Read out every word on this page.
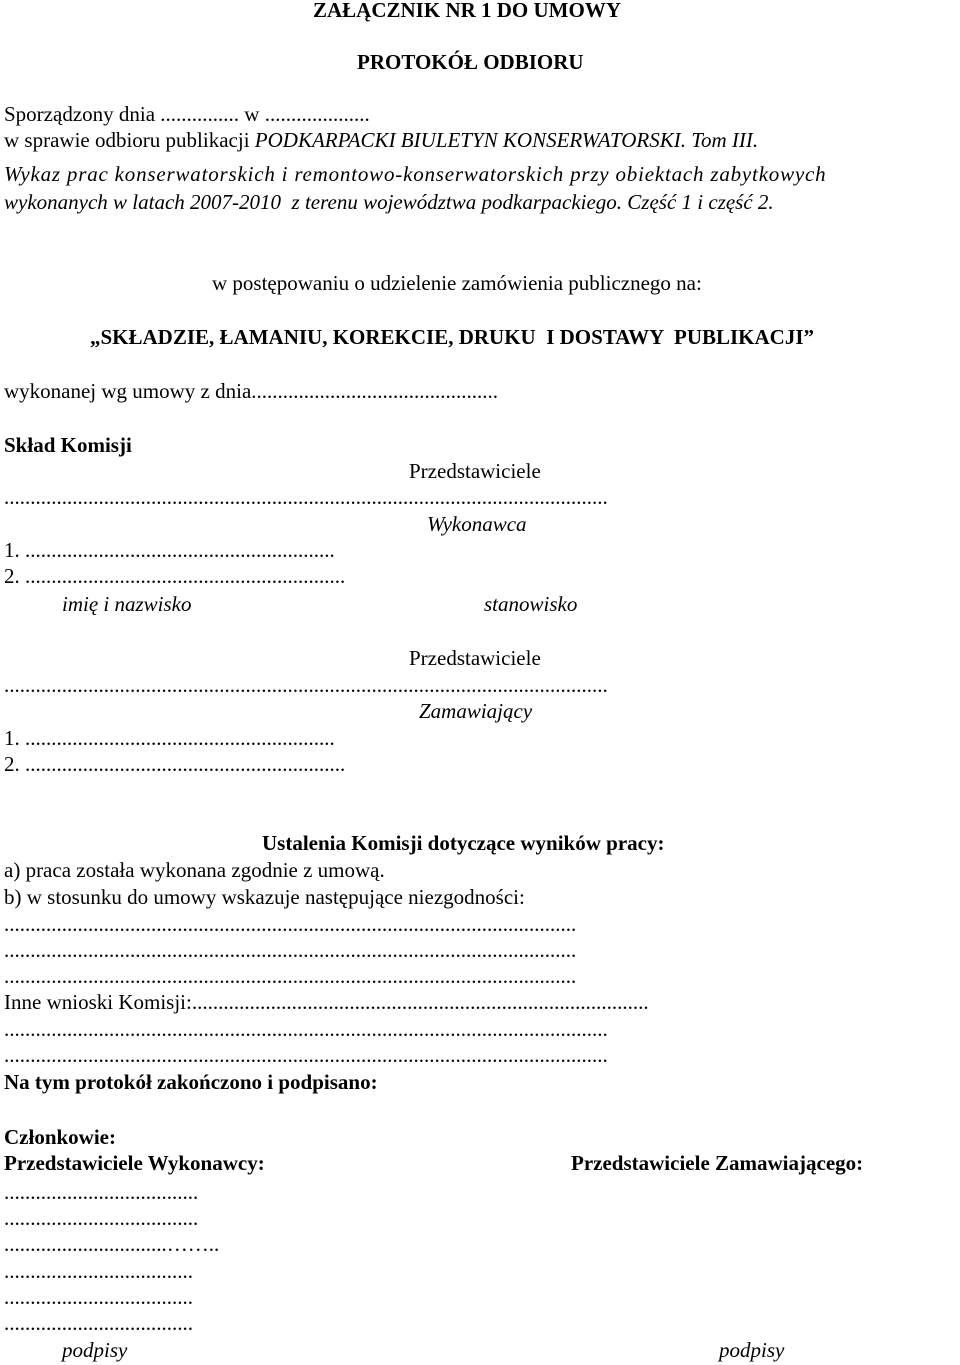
ZAŁĄCZNIK NR 1 DO UMOWY
PROTOKÓŁ ODBIORU
Sporządzony dnia ............... w ....................
w sprawie odbioru publikacji PODKARPACKI BIULETYN KONSERWATORSKI. Tom III.
Wykaz prac konserwatorskich i remontowo-konserwatorskich przy obiektach zabytkowych
wykonanych w latach 2007-2010  z terenu województwa podkarpackiego. Część 1 i część 2.
w postępowaniu o udzielenie zamówienia publicznego na:
„SKŁADZIE, ŁAMANIU, KOREKCIE, DRUKU  I DOSTAWY  PUBLIKACJI”
wykonanej wg umowy z dnia...............................................
Skład Komisji
Przedstawiciele
...................................................................................................................
Wykonawca
1. ...........................................................
2. .............................................................
imię i nazwisko	stanowisko
Przedstawiciele
...................................................................................................................
Zamawiający
1. ...........................................................
2. .............................................................
Ustalenia Komisji dotyczące wyników pracy:
a) praca została wykonana zgodnie z umową.
b) w stosunku do umowy wskazuje następujące niezgodności:
.............................................................................................................
.............................................................................................................
.............................................................................................................
Inne wnioski Komisji:.......................................................................................
...................................................................................................................
...................................................................................................................
Na tym protokół zakończono i podpisano:
Członkowie:
Przedstawiciele Wykonawcy:	Przedstawiciele Zamawiającego:
.....................................
.....................................
...............................……..
....................................
....................................
....................................
podpisy	podpisy
